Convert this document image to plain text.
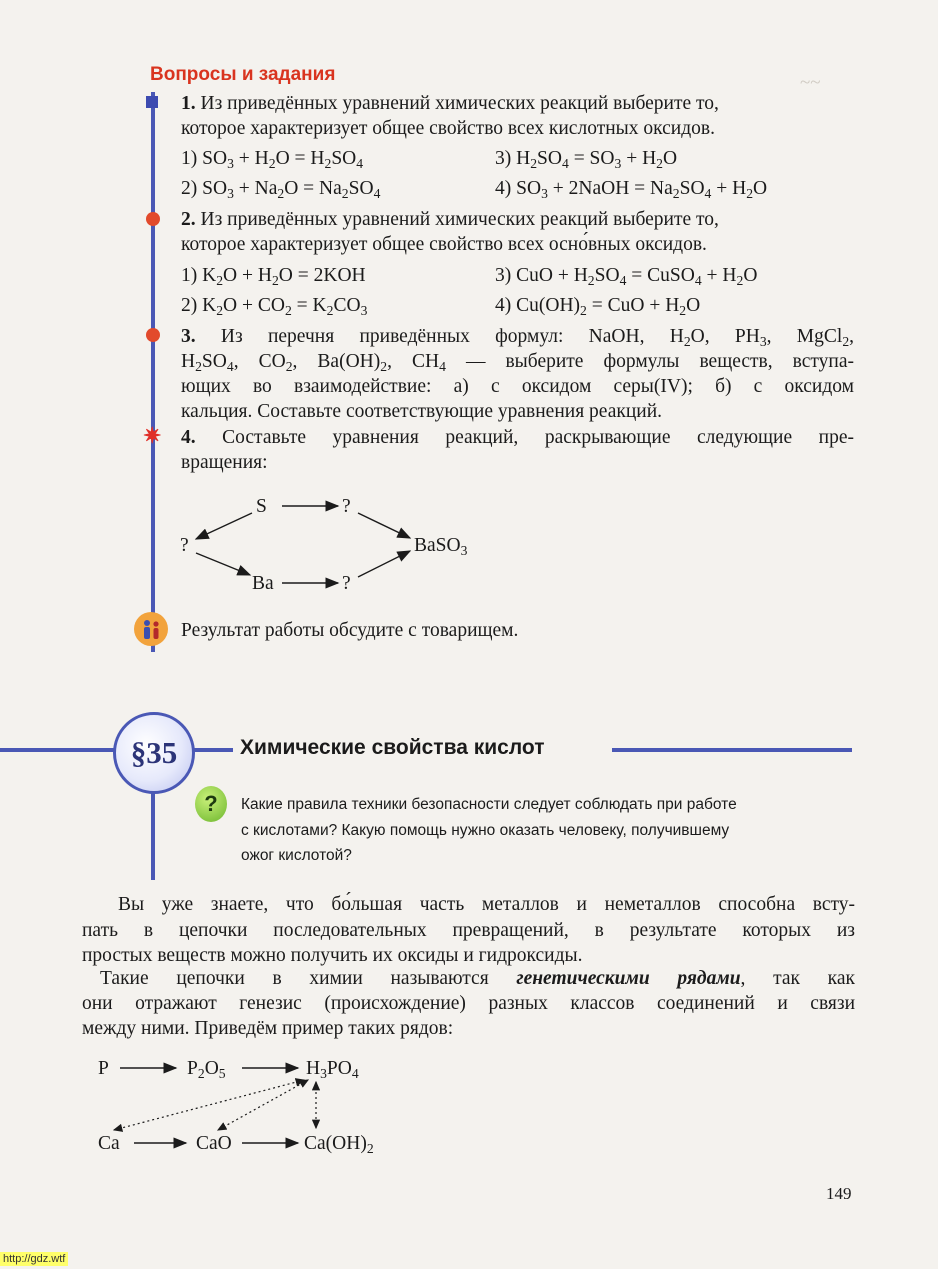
~~
Вопросы и задания
1. Из приведённых уравнений химических реакций выберите то,
которое характеризует общее свойство всех кислотных оксидов.
1) $SO_3 + H_2O = H_2SO_4$	3) $H_2SO_4 = SO_3 + H_2O$
2) $SO_3 + Na_2O = Na_2SO_4$	4) $SO_3$ + 2NaOH = $Na_2SO_4 + H_2O$
2. Из приведённых уравнений химических реакций выберите то,
которое характеризует общее свойство всех осно́вных оксидов.
1) $K_2O + H_2O = 2KOH$	3) CuO + $H_2SO_4$ = CuSO$_4$ + $H_2O$
2) $K_2O + CO_2 = K_2CO_3$	4) $Cu(OH)_2$ = CuO + $H_2O$
3. Из перечня приведённых формул: NaOH, $H_2O$, $PH_3$, MgCl$_2$,
$H_2SO_4$, $CO_2$, $Ba(OH)_2$, $CH_4$ — выберите формулы веществ, вступа-
ющих во взаимодействие: а) с оксидом серы(IV); б) с оксидом
кальция. Составьте соответствующие уравнения реакций.
✷ 4. Составьте уравнения реакций, раскрывающие следующие пре-
вращения:
S	?
?	BaSO$_3$
Ba	?
Результат работы обсудите с товарищем.
§35	Химические свойства кислот
?	Какие правила техники безопасности следует соблюдать при работе
с кислотами? Какую помощь нужно оказать человеку, получившему
ожог кислотой?
Вы уже знаете, что бо́льшая часть металлов и неметаллов способна всту-
пать в цепочки последовательных превращений, в результате которых из
простых веществ можно получить их оксиды и гидроксиды.
Такие цепочки в химии называются генетическими рядами, так как
они отражают генезис (происхождение) разных классов соединений и связи
между ними. Приведём пример таких рядов:
P	$P_2O_5$	$H_3PO_4$
Ca	CaO	$Ca(OH)_2$
149
http://gdz.wtf
